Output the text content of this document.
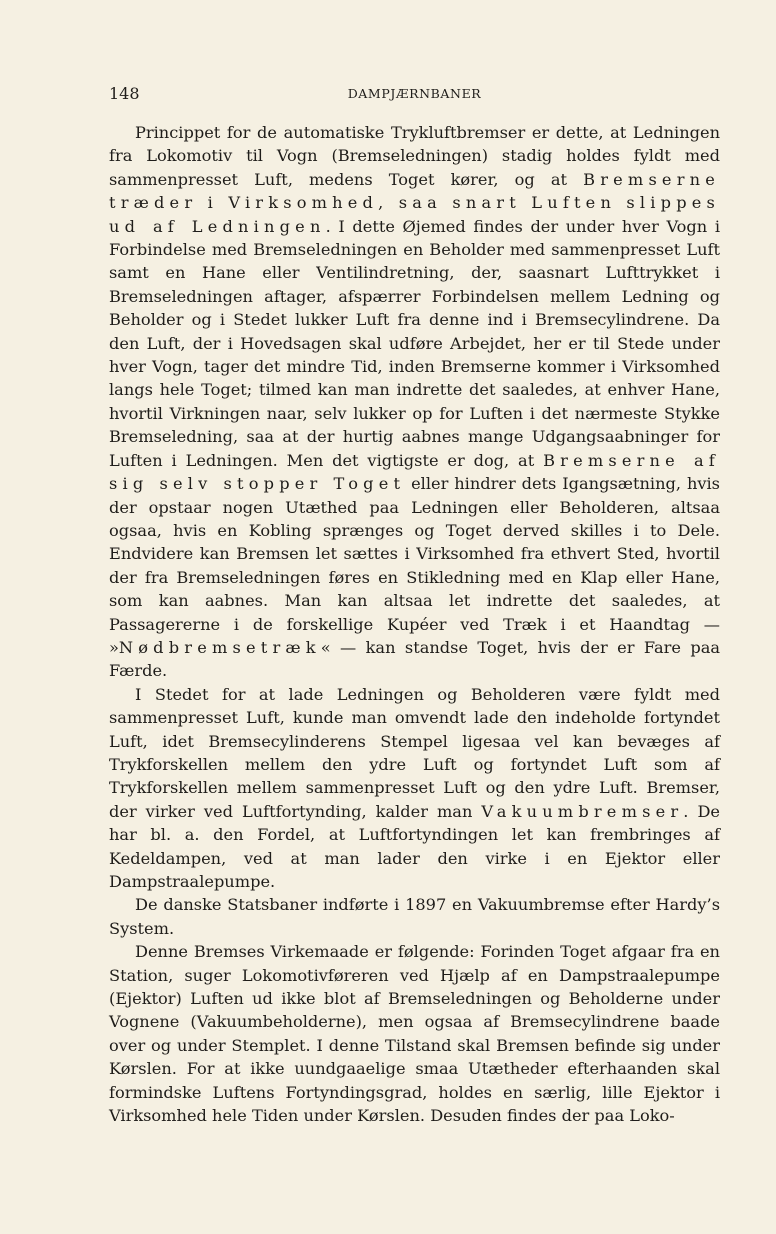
148	DAMPJÆRNBANER

Princippet for de automatiske Trykluftbremser er dette, at Ledningen fra Lokomotiv til Vogn (Bremseledningen) stadig holdes fyldt med sammenpresset Luft, medens Toget kører, og at Bremserne træder i Virksomhed, saa snart Luften slippes ud af Ledningen. I dette Øjemed findes der under hver Vogn i Forbindelse med Bremseledningen en Beholder med sammenpresset Luft samt en Hane eller Ventilindretning, der, saasnart Lufttrykket i Bremseledningen aftager, afspærrer Forbindelsen mellem Ledning og Beholder og i Stedet lukker Luft fra denne ind i Bremsecylindrene. Da den Luft, der i Hovedsagen skal udføre Arbejdet, her er til Stede under hver Vogn, tager det mindre Tid, inden Bremserne kommer i Virksomhed langs hele Toget; tilmed kan man indrette det saaledes, at enhver Hane, hvortil Virkningen naar, selv lukker op for Luften i det nærmeste Stykke Bremseledning, saa at der hurtig aabnes mange Udgangsaabninger for Luften i Ledningen. Men det vigtigste er dog, at Bremserne af sig selv stopper Toget eller hindrer dets Igangsætning, hvis der opstaar nogen Utæthed paa Ledningen eller Beholderen, altsaa ogsaa, hvis en Kobling sprænges og Toget derved skilles i to Dele. Endvidere kan Bremsen let sættes i Virksomhed fra ethvert Sted, hvortil der fra Bremseledningen føres en Stikledning med en Klap eller Hane, som kan aabnes. Man kan altsaa let indrette det saaledes, at Passagererne i de forskellige Kupéer ved Træk i et Haandtag — »Nødbremsetræk« — kan standse Toget, hvis der er Fare paa Færde.

I Stedet for at lade Ledningen og Beholderen være fyldt med sammenpresset Luft, kunde man omvendt lade den indeholde fortyndet Luft, idet Bremsecylinderens Stempel ligesaa vel kan bevæges af Trykforskellen mellem den ydre Luft og fortyndet Luft som af Trykforskellen mellem sammenpresset Luft og den ydre Luft. Bremser, der virker ved Luftfortynding, kalder man Vakuumbremser. De har bl. a. den Fordel, at Luftfortyndingen let kan frembringes af Kedeldampen, ved at man lader den virke i en Ejektor eller Dampstraalepumpe.

De danske Statsbaner indførte i 1897 en Vakuumbremse efter Hardy’s System.

Denne Bremses Virkemaade er følgende: Forinden Toget afgaar fra en Station, suger Lokomotivføreren ved Hjælp af en Dampstraalepumpe (Ejektor) Luften ud ikke blot af Bremseledningen og Beholderne under Vognene (Vakuumbeholderne), men ogsaa af Bremsecylindrene baade over og under Stemplet. I denne Tilstand skal Bremsen befinde sig under Kørslen. For at ikke uundgaaelige smaa Utætheder efterhaanden skal formindske Luftens Fortyndingsgrad, holdes en særlig, lille Ejektor i Virksomhed hele Tiden under Kørslen. Desuden findes der paa Loko-
